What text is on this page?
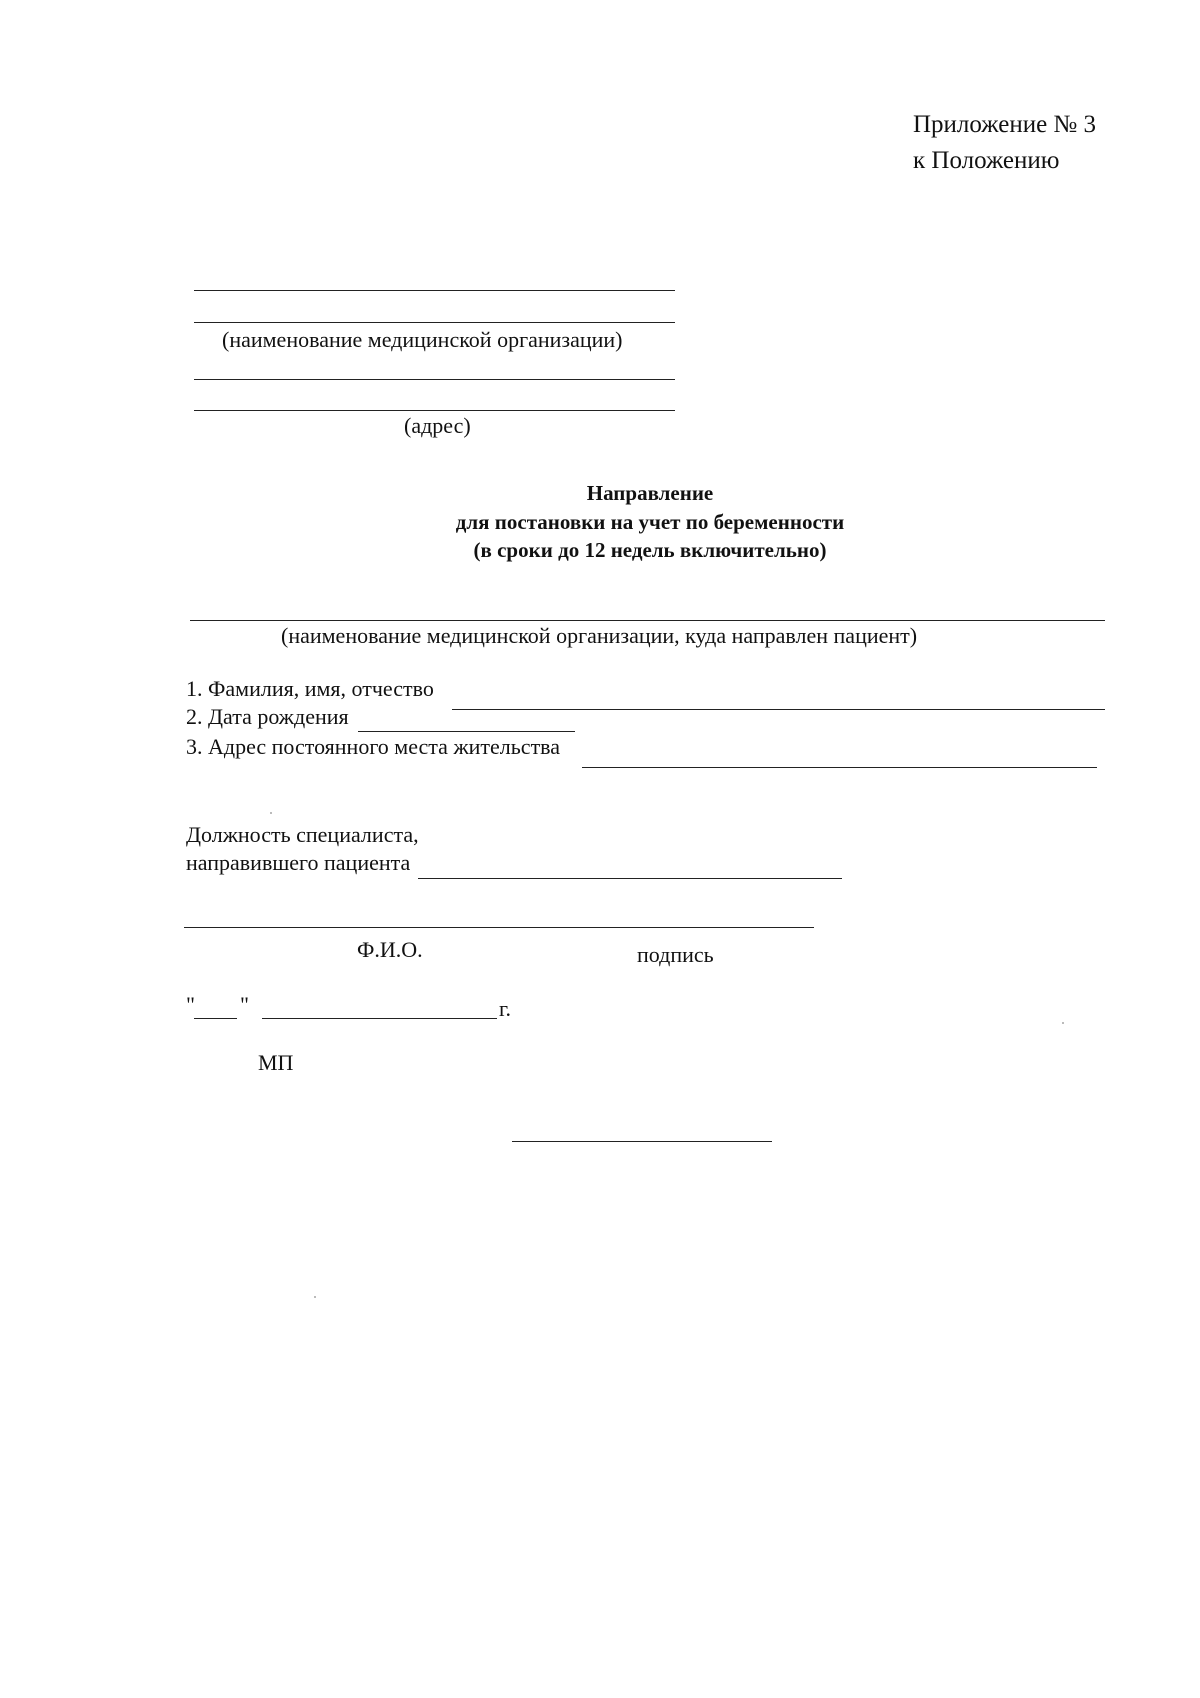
Приложение № 3
к Положению
(наименование медицинской организации)
(адрес)
Направление
для постановки на учет по беременности
(в сроки до 12 недель включительно)
(наименование медицинской организации, куда направлен пациент)
1. Фамилия, имя, отчество
2. Дата рождения
3. Адрес постоянного места жительства
Должность специалиста,
направившего пациента
Ф.И.О.	подпись
" "	г.
МП
